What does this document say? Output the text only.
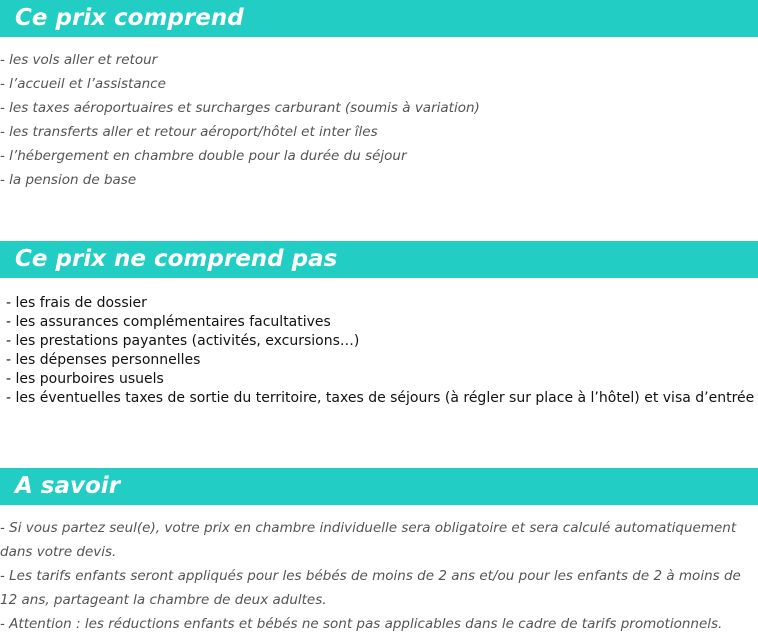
Ce prix comprend
- les vols aller et retour
- l’accueil et l’assistance
- les taxes aéroportuaires et surcharges carburant (soumis à variation)
- les transferts aller et retour aéroport/hôtel et inter îles
- l’hébergement en chambre double pour la durée du séjour
- la pension de base
Ce prix ne comprend pas
- les frais de dossier
- les assurances complémentaires facultatives
- les prestations payantes (activités, excursions…)
- les dépenses personnelles
- les pourboires usuels
- les éventuelles taxes de sortie du territoire, taxes de séjours (à régler sur place à l’hôtel) et visa d’entrée
A savoir
- Si vous partez seul(e), votre prix en chambre individuelle sera obligatoire et sera calculé automatiquement dans votre devis.
- Les tarifs enfants seront appliqués pour les bébés de moins de 2 ans et/ou pour les enfants de 2 à moins de 12 ans, partageant la chambre de deux adultes.
- Attention : les réductions enfants et bébés ne sont pas applicables dans le cadre de tarifs promotionnels.
